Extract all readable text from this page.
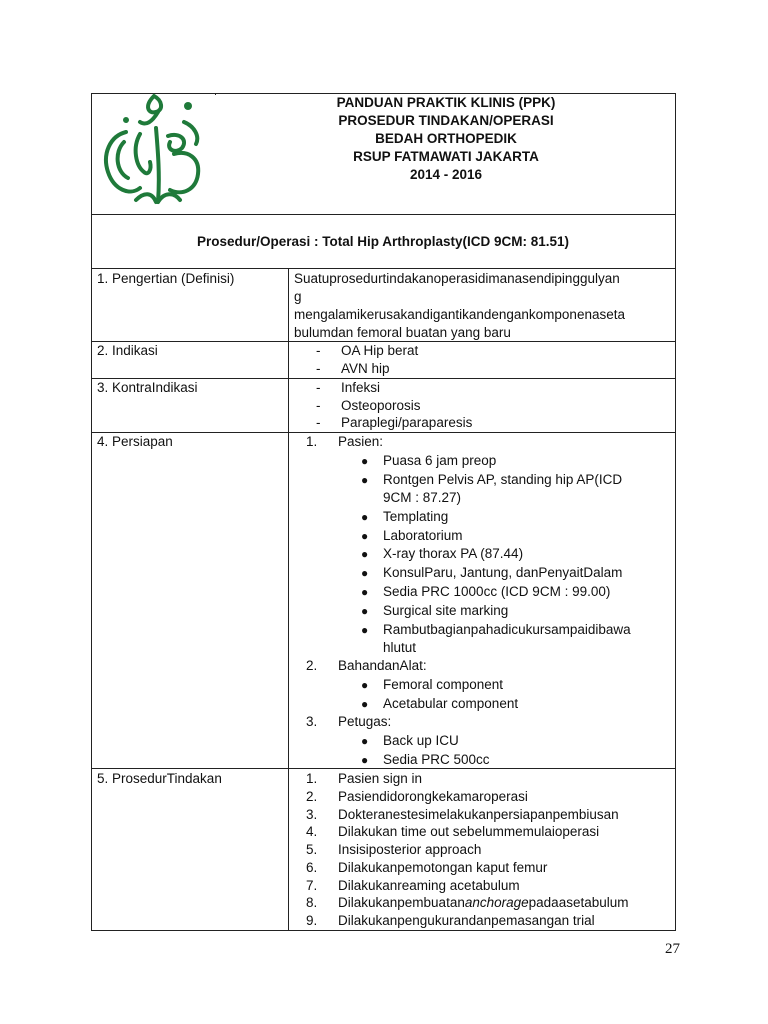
PANDUAN PRAKTIK KLINIS (PPK)
PROSEDUR TINDAKAN/OPERASI
BEDAH ORTHOPEDIK
RSUP FATMAWATI JAKARTA
2014 - 2016
Prosedur/Operasi : Total Hip Arthroplasty(ICD 9CM: 81.51)
1. Pengertian (Definisi)	Suatuprosedurtindakanoperasidimanasendipinggulyan
g
mengalamikerusakandigantikandengankomponenaseta
bulumdan femoral buatan yang baru
2. Indikasi	- OA Hip berat
- AVN hip
3. KontraIndikasi	- Infeksi
- Osteoporosis
- Paraplegi/paraparesis
4. Persiapan	1. Pasien:
● Puasa 6 jam preop
● Rontgen Pelvis AP, standing hip AP(ICD
9CM : 87.27)
● Templating
● Laboratorium
● X-ray thorax PA (87.44)
● KonsulParu, Jantung, danPenyaitDalam
● Sedia PRC 1000cc (ICD 9CM : 99.00)
● Surgical site marking
● Rambutbagianpahadicukursampaidibawa
hlutut
2. BahandanAlat:
● Femoral component
● Acetabular component
3. Petugas:
● Back up ICU
● Sedia PRC 500cc
5. ProsedurTindakan	1. Pasien sign in
2. Pasiendidorongkekamaroperasi
3. Dokteranestesimelakukanpersiapanpembiusan
4. Dilakukan time out sebelummemulaioperasi
5. Insisiposterior approach
6. Dilakukanpemotongan kaput femur
7. Dilakukanreaming acetabulum
8. Dilakukanpembuatananchoragepadaasetabulum
9. Dilakukanpengukurandanpemasangan trial
27
